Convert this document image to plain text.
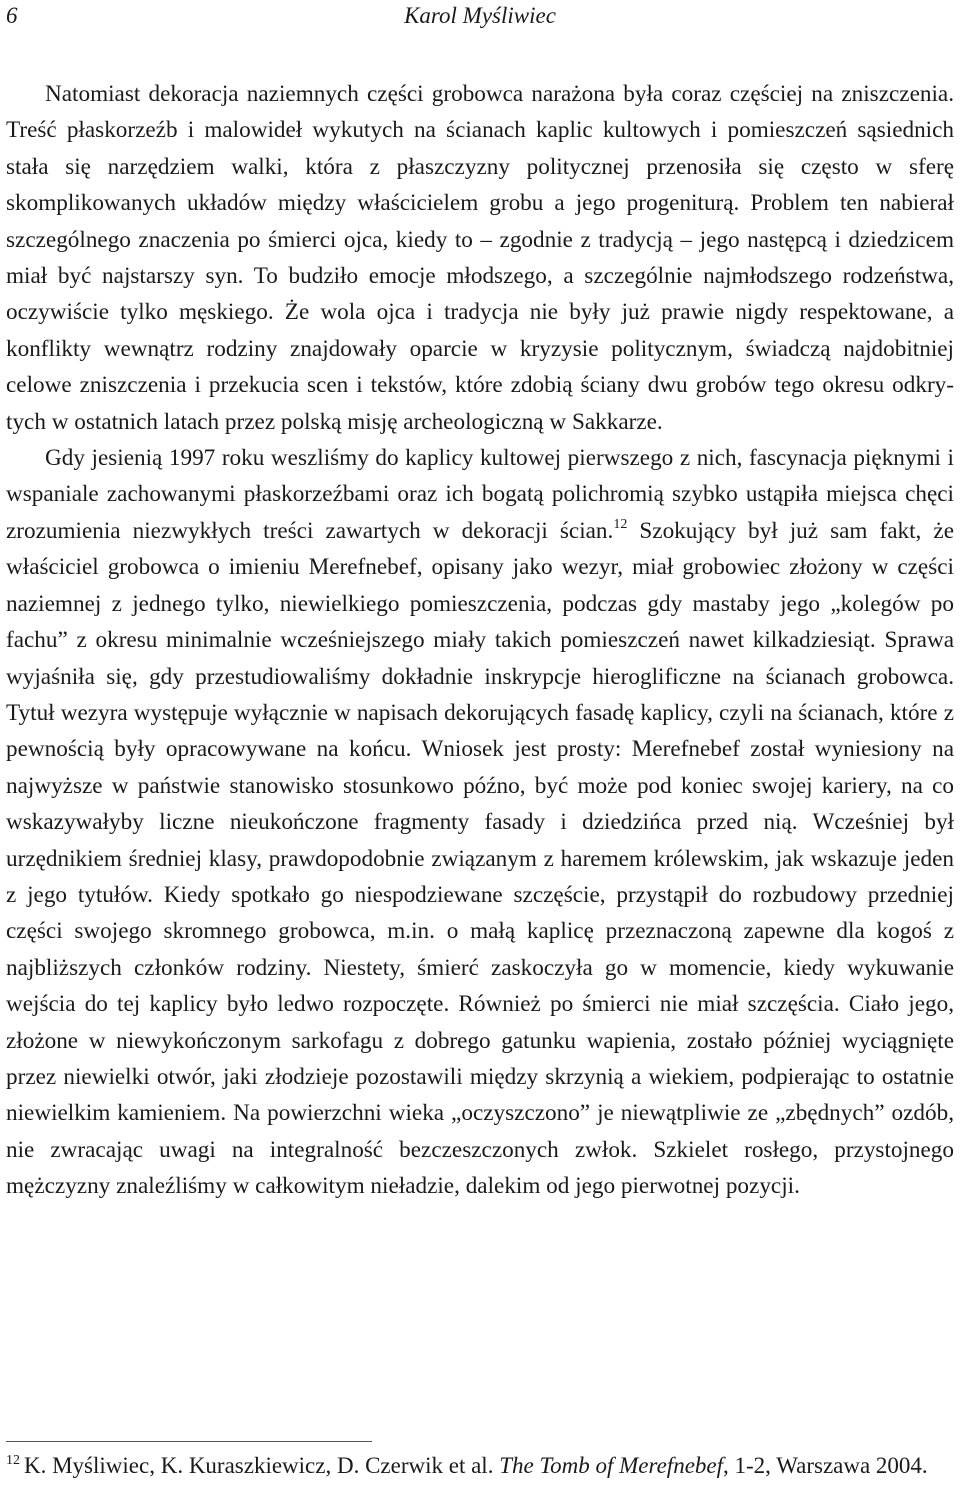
6	Karol Myśliwiec

Natomiast dekoracja naziemnych części grobowca narażona była coraz częściej na zniszczenia. Treść płaskorzeźb i malowideł wykutych na ścianach kaplic kultowych i pomieszczeń sąsiednich stała się narzędziem walki, która z płaszczyzny politycznej przenosiła się często w sferę skomplikowanych układów między właścicielem grobu a jego progeniturą. Problem ten nabierał szczególnego znaczenia po śmierci ojca, kiedy to – zgodnie z tradycją – jego następcą i dziedzicem miał być najstarszy syn. To budziło emocje młodszego, a szczególnie najmłodszego rodzeństwa, oczywiście tylko męskiego. Że wola ojca i tradycja nie były już prawie nigdy respektowane, a konflikty wewnątrz rodziny znajdowały oparcie w kryzysie politycznym, świadczą najdobitniej celowe zniszczenia i przekucia scen i tekstów, które zdobią ściany dwu grobów tego okresu odkrytych w ostatnich latach przez polską misję archeologiczną w Sakkarze.

Gdy jesienią 1997 roku weszliśmy do kaplicy kultowej pierwszego z nich, fascynacja pięknymi i wspaniale zachowanymi płaskorzeźbami oraz ich bogatą polichromią szybko ustąpiła miejsca chęci zrozumienia niezwykłych treści zawartych w dekoracji ścian.$^{12}$ Szokujący był już sam fakt, że właściciel grobowca o imieniu Merefnebef, opisany jako wezyr, miał grobowiec złożony w części naziemnej z jednego tylko, niewielkiego pomieszczenia, podczas gdy mastaby jego „kolegów po fachu” z okresu minimalnie wcześniejszego miały takich pomieszczeń nawet kilkadziesiąt. Sprawa wyjaśniła się, gdy przestudiowaliśmy dokładnie inskrypcje hieroglificzne na ścianach grobowca. Tytuł wezyra występuje wyłącznie w napisach dekorujących fasadę kaplicy, czyli na ścianach, które z pewnością były opracowywane na końcu. Wniosek jest prosty: Merefnebef został wyniesiony na najwyższe w państwie stanowisko stosunkowo późno, być może pod koniec swojej kariery, na co wskazywałyby liczne nieukończone fragmenty fasady i dziedzińca przed nią. Wcześniej był urzędnikiem średniej klasy, prawdopodobnie związanym z haremem królewskim, jak wskazuje jeden z jego tytułów. Kiedy spotkało go niespodziewane szczęście, przystąpił do rozbudowy przedniej części swojego skromnego grobowca, m.in. o małą kaplicę przeznaczoną zapewne dla kogoś z najbliższych członków rodziny. Niestety, śmierć zaskoczyła go w momencie, kiedy wykuwanie wejścia do tej kaplicy było ledwo rozpoczęte. Również po śmierci nie miał szczęścia. Ciało jego, złożone w niewykończonym sarkofagu z dobrego gatunku wapienia, zostało później wyciągnięte przez niewielki otwór, jaki złodzieje pozostawili między skrzynią a wiekiem, podpierając to ostatnie niewielkim kamieniem. Na powierzchni wieka „oczyszczono” je niewątpliwie ze „zbędnych” ozdób, nie zwracając uwagi na integralność bezczeszczonych zwłok. Szkielet rosłego, przystojnego mężczyzny znaleźliśmy w całkowitym nieładzie, dalekim od jego pierwotnej pozycji.

$^{12}$ K. Myśliwiec, K. Kuraszkiewicz, D. Czerwik et al. The Tomb of Merefnebef, 1-2, Warszawa 2004.
